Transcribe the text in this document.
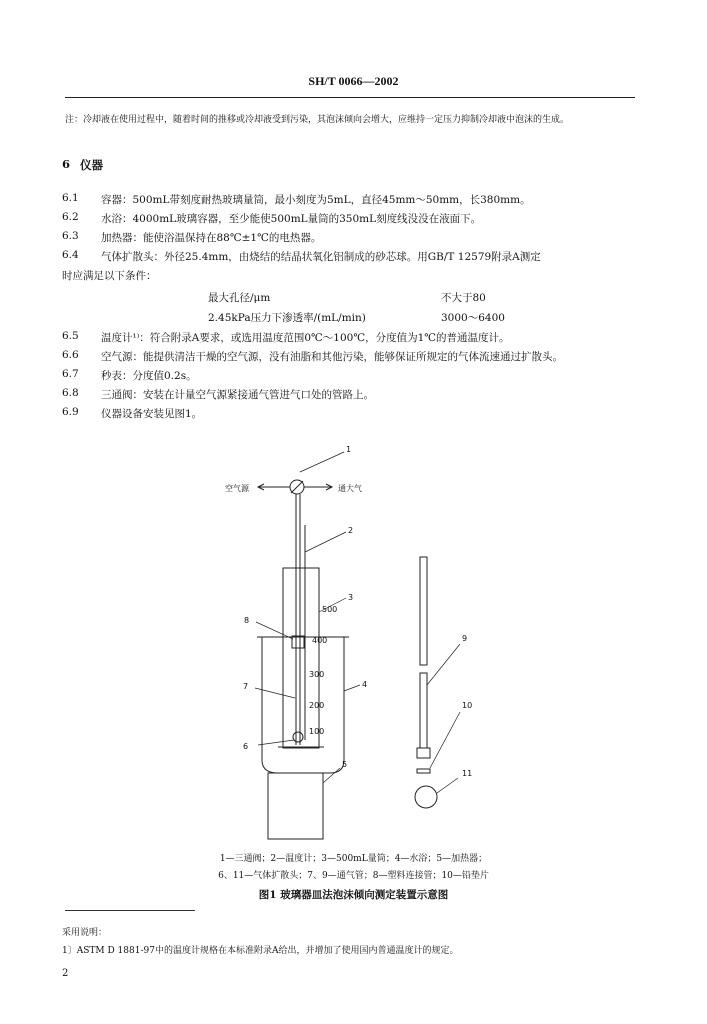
SH/T 0066—2002
注：冷却液在使用过程中，随着时间的推移或冷却液受到污染，其泡沫倾向会增大，应维持一定压力抑制冷却液中泡沫的生成。
6 仪器
6.1 容器：500mL带刻度耐热玻璃量筒，最小刻度为5mL，直径45mm～50mm，长380mm。
6.2 水浴：4000mL玻璃容器，至少能使500mL量筒的350mL刻度线没没在液面下。
6.3 加热器：能使浴温保持在88℃±1℃的电热器。
6.4 气体扩散头：外径25.4mm，由烧结的结晶状氧化铝制成的砂芯球。用GB/T 12579附录A测定
时应满足以下条件：
最大孔径/μm	不大于80
2.45kPa压力下渗透率/(mL/min)	3000～6400
6.5 温度计¹⁾：符合附录A要求，或选用温度范围0℃～100℃，分度值为1℃的普通温度计。
6.6 空气源：能提供清洁干燥的空气源，没有油脂和其他污染，能够保证所规定的气体流速通过扩散头。
6.7 秒表：分度值0.2s。
6.8 三通阀：安装在计量空气源紧接通气管进气口处的管路上。
6.9 仪器设备安装见图1。
空气源	通大气
500
400
300
200
100
1
2
3
4
5
6
7
8
9
10
11
1—三通阀；2—温度计；3—500mL量筒；4—水浴；5—加热器；
6、11—气体扩散头；7、9—通气管；8—塑料连接管；10—铅垫片
图1 玻璃器皿法泡沫倾向测定装置示意图
采用说明：
1〕ASTM D 1881-97中的温度计规格在本标准附录A给出，并增加了使用国内普通温度计的规定。
2
